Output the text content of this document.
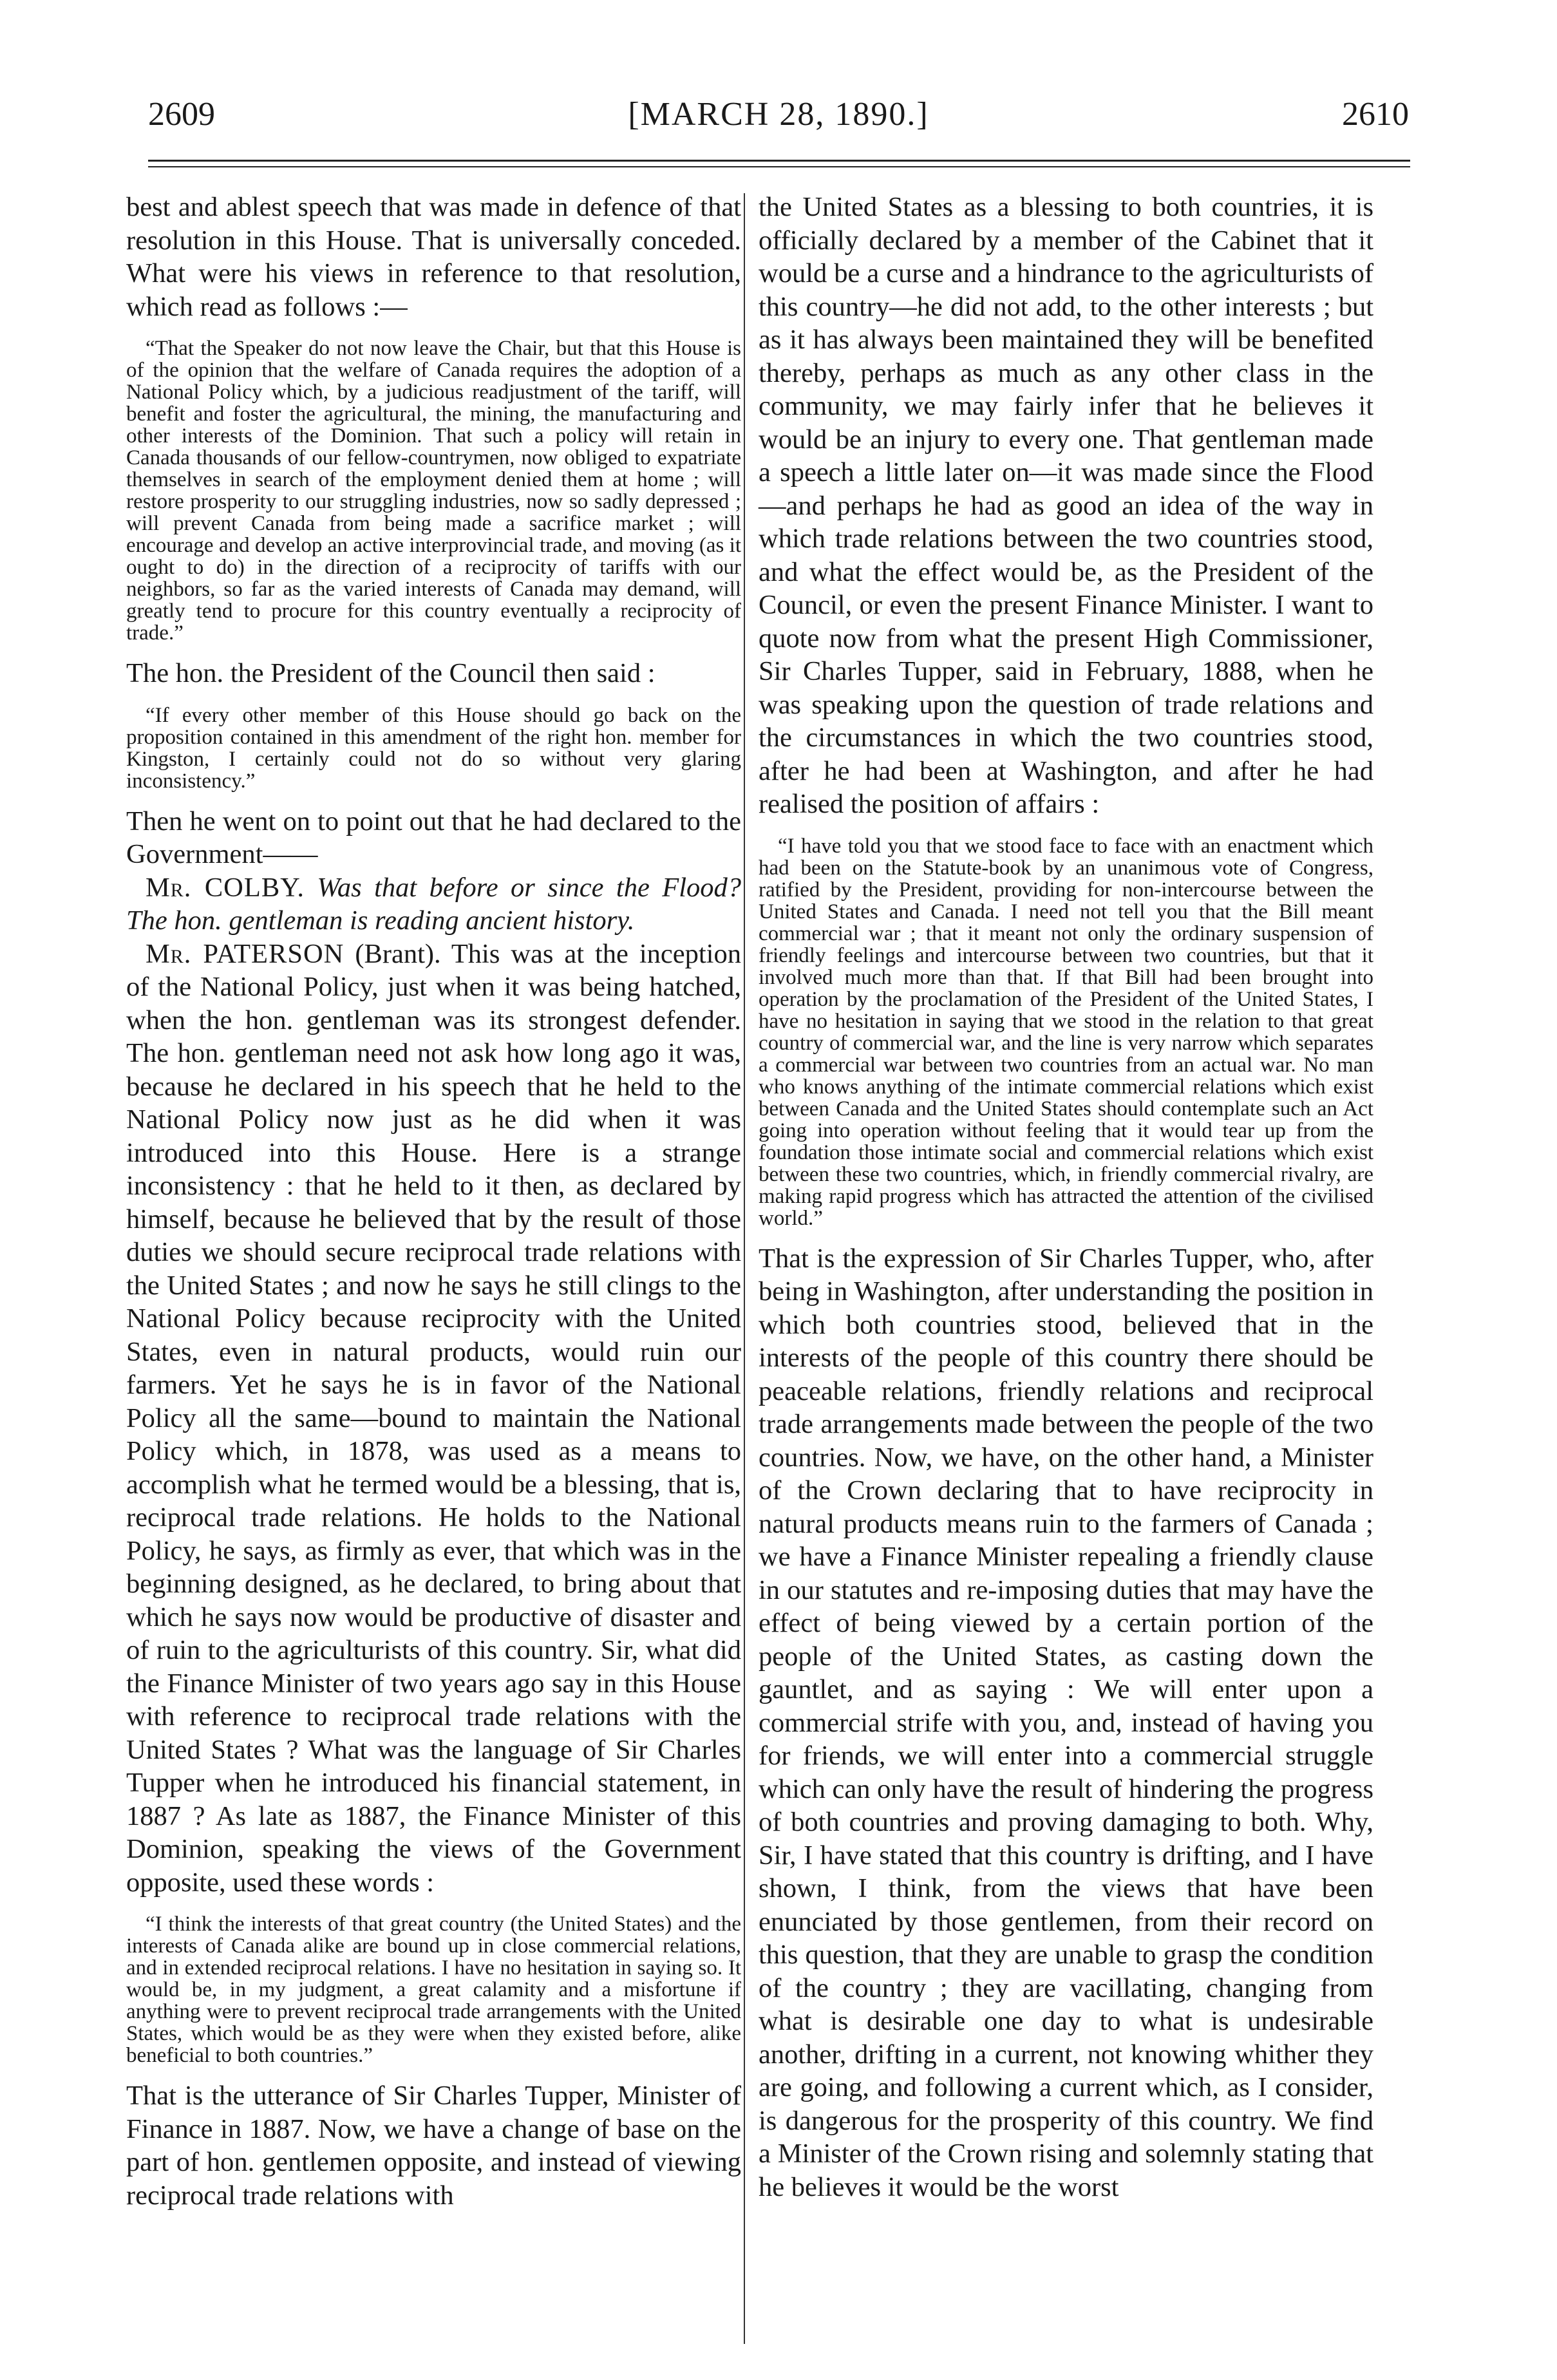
2609	[MARCH 28, 1890.]	2610

best and ablest speech that was made in defence of that resolution in this House. That is universally conceded. What were his views in reference to that resolution, which read as follows :—

“That the Speaker do not now leave the Chair, but that this House is of the opinion that the welfare of Canada requires the adoption of a National Policy which, by a judicious readjustment of the tariff, will benefit and foster the agricultural, the mining, the manufacturing and other interests of the Dominion. That such a policy will retain in Canada thousands of our fellow-countrymen, now obliged to expatriate themselves in search of the employment denied them at home ; will restore prosperity to our struggling industries, now so sadly depressed ; will prevent Canada from being made a sacrifice market ; will encourage and develop an active interprovincial trade, and moving (as it ought to do) in the direction of a reciprocity of tariffs with our neighbors, so far as the varied interests of Canada may demand, will greatly tend to procure for this country eventually a reciprocity of trade.”

The hon. the President of the Council then said :

“If every other member of this House should go back on the proposition contained in this amendment of the right hon. member for Kingston, I certainly could not do so without very glaring inconsistency.”

Then he went on to point out that he had declared to the Government——

Mr. COLBY. Was that before or since the Flood? The hon. gentleman is reading ancient history.

Mr. PATERSON (Brant). This was at the inception of the National Policy, just when it was being hatched, when the hon. gentleman was its strongest defender. The hon. gentleman need not ask how long ago it was, because he declared in his speech that he held to the National Policy now just as he did when it was introduced into this House. Here is a strange inconsistency : that he held to it then, as declared by himself, because he believed that by the result of those duties we should secure reciprocal trade relations with the United States ; and now he says he still clings to the National Policy because reciprocity with the United States, even in natural products, would ruin our farmers. Yet he says he is in favor of the National Policy all the same—bound to maintain the National Policy which, in 1878, was used as a means to accomplish what he termed would be a blessing, that is, reciprocal trade relations. He holds to the National Policy, he says, as firmly as ever, that which was in the beginning designed, as he declared, to bring about that which he says now would be productive of disaster and of ruin to the agriculturists of this country. Sir, what did the Finance Minister of two years ago say in this House with reference to reciprocal trade relations with the United States ? What was the language of Sir Charles Tupper when he introduced his financial statement, in 1887 ? As late as 1887, the Finance Minister of this Dominion, speaking the views of the Government opposite, used these words :

“I think the interests of that great country (the United States) and the interests of Canada alike are bound up in close commercial relations, and in extended reciprocal relations. I have no hesitation in saying so. It would be, in my judgment, a great calamity and a misfortune if anything were to prevent reciprocal trade arrangements with the United States, which would be as they were when they existed before, alike beneficial to both countries.”

That is the utterance of Sir Charles Tupper, Minister of Finance in 1887. Now, we have a change of base on the part of hon. gentlemen opposite, and instead of viewing reciprocal trade relations with

the United States as a blessing to both countries, it is officially declared by a member of the Cabinet that it would be a curse and a hindrance to the agriculturists of this country—he did not add, to the other interests ; but as it has always been maintained they will be benefited thereby, perhaps as much as any other class in the community, we may fairly infer that he believes it would be an injury to every one. That gentleman made a speech a little later on—it was made since the Flood—and perhaps he had as good an idea of the way in which trade relations between the two countries stood, and what the effect would be, as the President of the Council, or even the present Finance Minister. I want to quote now from what the present High Commissioner, Sir Charles Tupper, said in February, 1888, when he was speaking upon the question of trade relations and the circumstances in which the two countries stood, after he had been at Washington, and after he had realised the position of affairs :

“I have told you that we stood face to face with an enactment which had been on the Statute-book by an unanimous vote of Congress, ratified by the President, providing for non-intercourse between the United States and Canada. I need not tell you that the Bill meant commercial war ; that it meant not only the ordinary suspension of friendly feelings and intercourse between two countries, but that it involved much more than that. If that Bill had been brought into operation by the proclamation of the President of the United States, I have no hesitation in saying that we stood in the relation to that great country of commercial war, and the line is very narrow which separates a commercial war between two countries from an actual war. No man who knows anything of the intimate commercial relations which exist between Canada and the United States should contemplate such an Act going into operation without feeling that it would tear up from the foundation those intimate social and commercial relations which exist between these two countries, which, in friendly commercial rivalry, are making rapid progress which has attracted the attention of the civilised world.”

That is the expression of Sir Charles Tupper, who, after being in Washington, after understanding the position in which both countries stood, believed that in the interests of the people of this country there should be peaceable relations, friendly relations and reciprocal trade arrangements made between the people of the two countries. Now, we have, on the other hand, a Minister of the Crown declaring that to have reciprocity in natural products means ruin to the farmers of Canada ; we have a Finance Minister repealing a friendly clause in our statutes and re-imposing duties that may have the effect of being viewed by a certain portion of the people of the United States, as casting down the gauntlet, and as saying : We will enter upon a commercial strife with you, and, instead of having you for friends, we will enter into a commercial struggle which can only have the result of hindering the progress of both countries and proving damaging to both. Why, Sir, I have stated that this country is drifting, and I have shown, I think, from the views that have been enunciated by those gentlemen, from their record on this question, that they are unable to grasp the condition of the country ; they are vacillating, changing from what is desirable one day to what is undesirable another, drifting in a current, not knowing whither they are going, and following a current which, as I consider, is dangerous for the prosperity of this country. We find a Minister of the Crown rising and solemnly stating that he believes it would be the worst
